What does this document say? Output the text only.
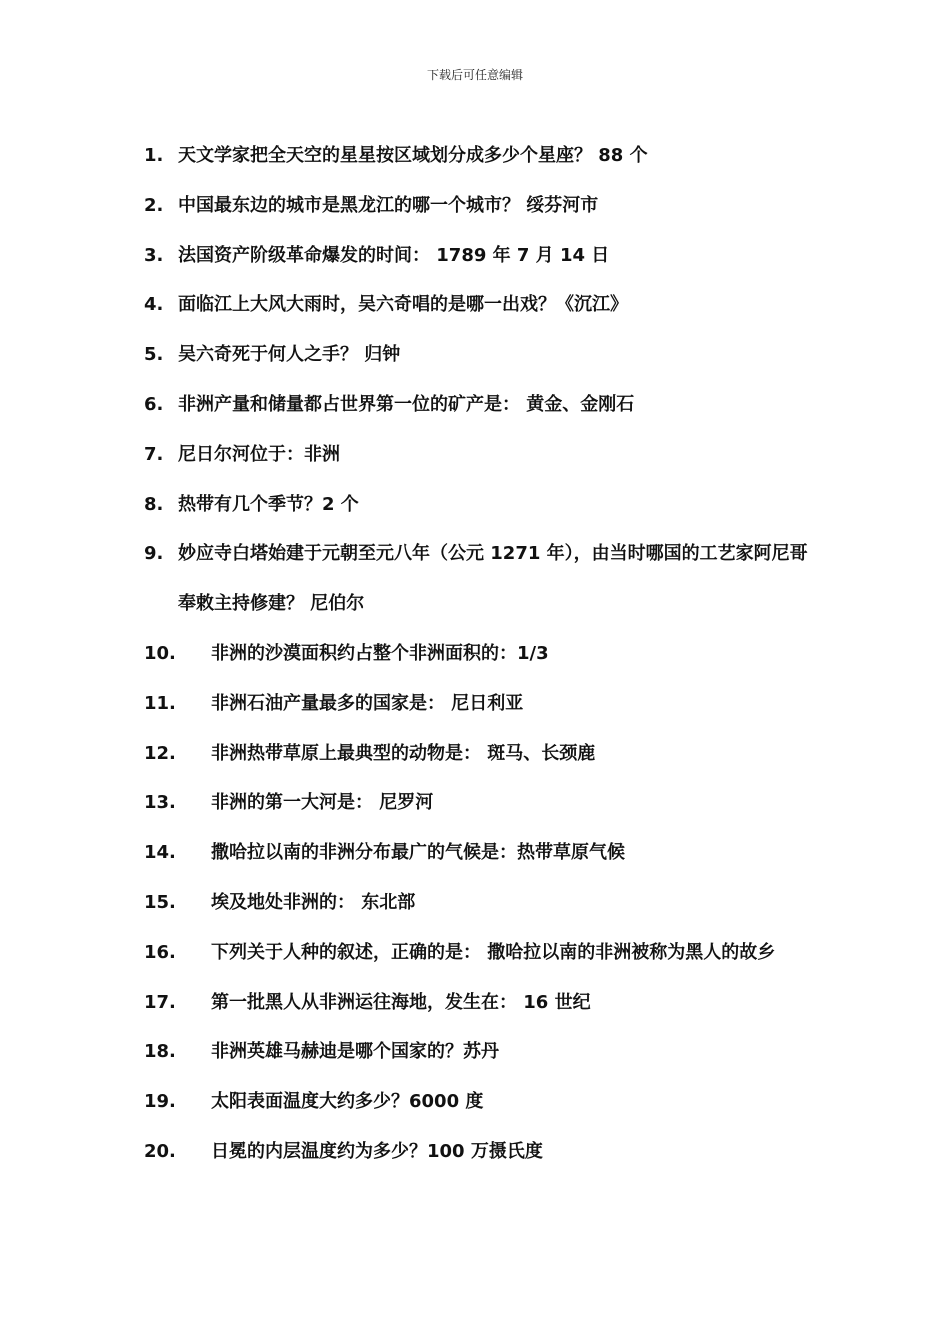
下载后可任意编辑
1. 天文学家把全天空的星星按区域划分成多少个星座？ 88 个
2. 中国最东边的城市是黑龙江的哪一个城市？ 绥芬河市
3. 法国资产阶级革命爆发的时间： 1789 年 7 月 14 日
4. 面临江上大风大雨时，吴六奇唱的是哪一出戏？《沉江》
5. 吴六奇死于何人之手？ 归钟
6. 非洲产量和储量都占世界第一位的矿产是： 黄金、金刚石
7. 尼日尔河位于：非洲
8. 热带有几个季节？2 个
9. 妙应寺白塔始建于元朝至元八年（公元 1271 年），由当时哪国的工艺家阿尼哥奉敕主持修建？ 尼伯尔
10.	非洲的沙漠面积约占整个非洲面积的：1/3
11.	非洲石油产量最多的国家是： 尼日利亚
12.	非洲热带草原上最典型的动物是： 斑马、长颈鹿
13.	非洲的第一大河是： 尼罗河
14.	撒哈拉以南的非洲分布最广的气候是：热带草原气候
15.	埃及地处非洲的： 东北部
16.	下列关于人种的叙述，正确的是： 撒哈拉以南的非洲被称为黑人的故乡
17.	第一批黑人从非洲运往海地，发生在： 16 世纪
18.	非洲英雄马赫迪是哪个国家的？苏丹
19.	太阳表面温度大约多少？6000 度
20.	日冕的内层温度约为多少？100 万摄氏度
